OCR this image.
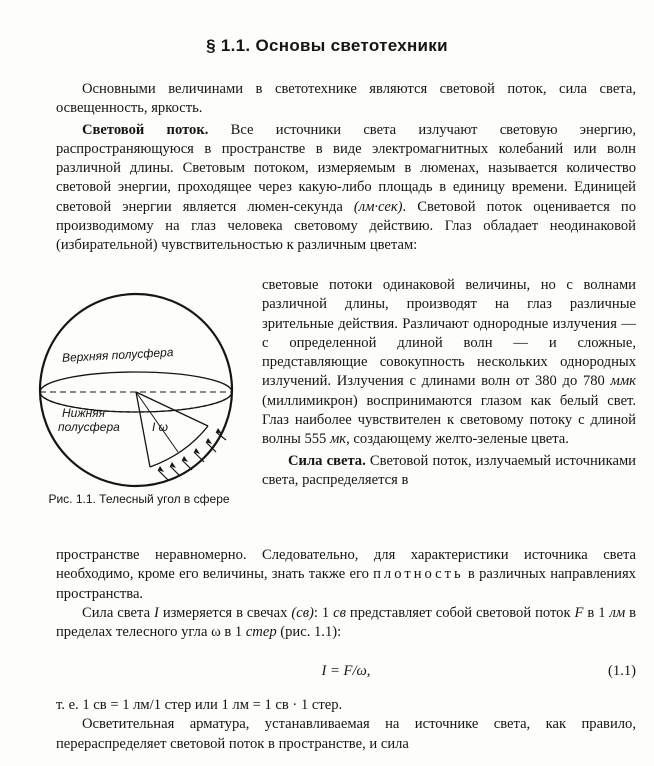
§ 1.1. Основы светотехники

Основными величинами в светотехнике являются световой поток, сила света, освещенность, яркость.

Световой поток. Все источники света излучают световую энергию, распространяющуюся в пространстве в виде электромагнитных колебаний или волн различной длины. Световым потоком, измеряемым в люменах, называется количество световой энергии, проходящее через какую-либо площадь в единицу времени. Единицей световой энергии является люмен-секунда (лм·сек). Световой поток оценивается по производимому на глаз человека световому действию. Глаз обладает неодинаковой (избирательной) чувствительностью к различным цветам:

световые потоки одинаковой величины, но с волнами различной длины, производят на глаз различные зрительные действия. Различают однородные излучения — с определенной длиной волн — и сложные, представляющие совокупность нескольких однородных излучений. Излучения с длинами волн от 380 до 780 ммк (миллимикрон) воспринимаются глазом как белый свет. Глаз наиболее чувствителен к световому потоку с длиной волны 555 мк, создающему желто-зеленые цвета.

Сила света. Световой поток, излучаемый источниками света, распределяется в

Верхняя полусфера
Нижняя
полусфера	I ω
Рис. 1.1. Телесный угол в сфере

пространстве неравномерно. Следовательно, для характеристики источника света необходимо, кроме его величины, знать также его плотность в различных направлениях пространства.

Сила света I измеряется в свечах (св): 1 св представляет собой световой поток F в 1 лм в пределах телесного угла ω в 1 стер (рис. 1.1):

I = F/ω,	(1.1)

т. е. 1 св = 1 лм/1 стер или 1 лм = 1 св · 1 стер.

Осветительная арматура, устанавливаемая на источнике света, как правило, перераспределяет световой поток в пространстве, и сила
